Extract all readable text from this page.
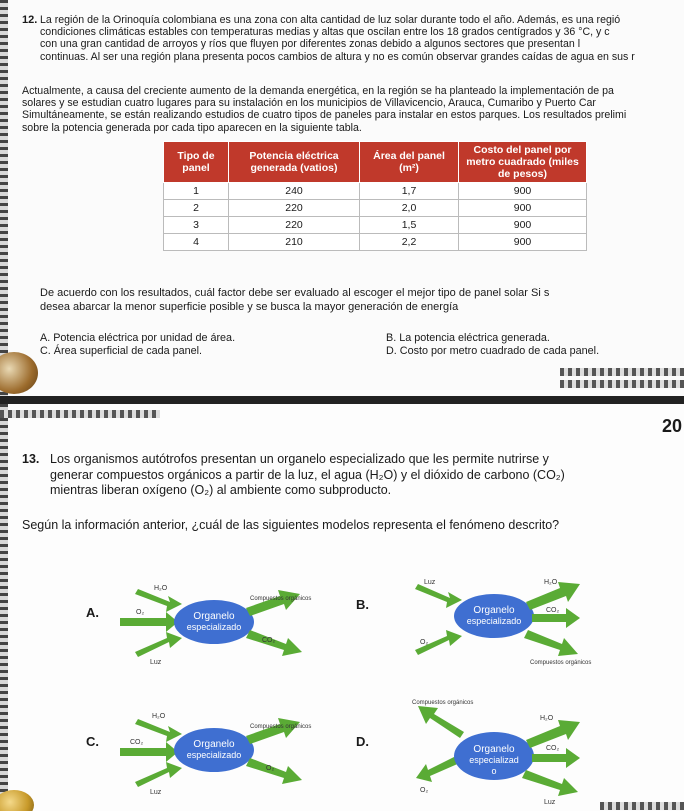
12. La región de la Orinoquía colombiana es una zona con alta cantidad de luz solar durante todo el año. Además, es una regió
condiciones climáticas estables con temperaturas medias y altas que oscilan entre los 18 grados centígrados y 36 °C, y c
con una gran cantidad de arroyos y ríos que fluyen por diferentes zonas debido a algunos sectores que presentan l
continuas. Al ser una región plana presenta pocos cambios de altura y no es común observar grandes caídas de agua en sus r
Actualmente, a causa del creciente aumento de la demanda energética, en la región se ha planteado la implementación de pa
solares y se estudian cuatro lugares para su instalación en los municipios de Villavicencio, Arauca, Cumaribo y Puerto Car
Simultáneamente, se están realizando estudios de cuatro tipos de paneles para instalar en estos parques. Los resultados prelimi
sobre la potencia generada por cada tipo aparecen en la siguiente tabla.
Tipo de panel	Potencia eléctrica generada (vatios)	Área del panel (m²)	Costo del panel por metro cuadrado (miles de pesos)
1	240	1,7	900
2	220	2,0	900
3	220	1,5	900
4	210	2,2	900
De acuerdo con los resultados, cuál factor debe ser evaluado al escoger el mejor tipo de panel solar Si s
desea abarcar la menor superficie posible y se busca la mayor generación de energía
A. Potencia eléctrica por unidad de área.	B. La potencia eléctrica generada.
C. Área superficial de cada panel.	D. Costo por metro cuadrado de cada panel.
20
13. Los organismos autótrofos presentan un organelo especializado que les permite nutrirse y
generar compuestos orgánicos a partir de la luz, el agua (H₂O) y el dióxido de carbono (CO₂)
mientras liberan oxígeno (O₂) al ambiente como subproducto.
Según la información anterior, ¿cuál de las siguientes modelos representa el fenómeno descrito?
A.	Organelo
especializado
H₂O
O₂
Luz
Compuestos orgánicos
CO₂
B.	Organelo
especializado
Luz
O₂
H₂O
CO₂
Compuestos orgánicos
C.	Organelo
especializado
H₂O
CO₂
Luz
Compuestos orgánicos
O₂
D.
Organelo
especializad
o
Compuestos orgánicos
O₂
H₂O
CO₂
Luz
